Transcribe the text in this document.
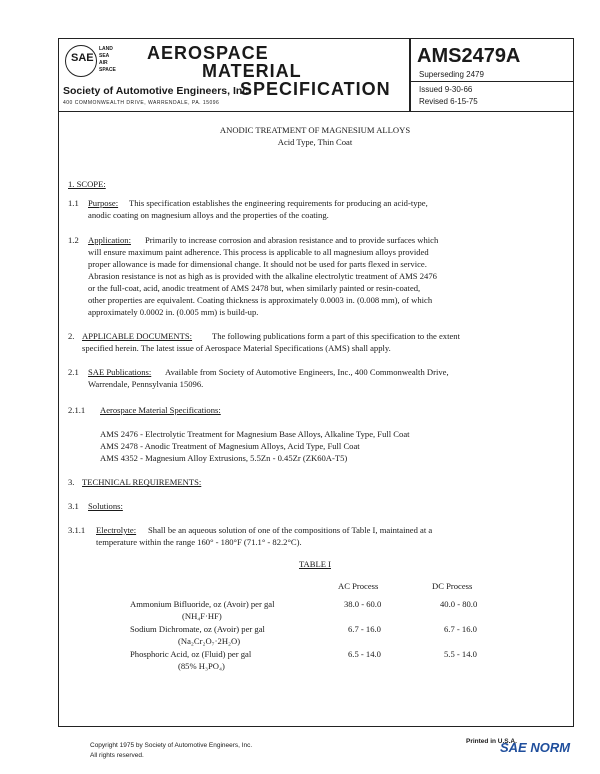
SAE
LAND
SEA
AIR
SPACE
AEROSPACE
MATERIAL
SPECIFICATION
Society of Automotive Engineers, Inc.
400 COMMONWEALTH DRIVE, WARRENDALE, PA. 15096
AMS2479A
Superseding 2479
Issued 9-30-66
Revised 6-15-75
ANODIC TREATMENT OF MAGNESIUM ALLOYS
Acid Type, Thin Coat
1. SCOPE:
1.1 Purpose: This specification establishes the engineering requirements for producing an acid-type,
anodic coating on magnesium alloys and the properties of the coating.
1.2 Application: Primarily to increase corrosion and abrasion resistance and to provide surfaces which
will ensure maximum paint adherence. This process is applicable to all magnesium alloys provided
proper allowance is made for dimensional change. It should not be used for parts flexed in service.
Abrasion resistance is not as high as is provided with the alkaline electrolytic treatment of AMS 2476
or the full-coat, acid, anodic treatment of AMS 2478 but, when similarly painted or resin-coated,
other properties are equivalent. Coating thickness is approximately 0.0003 in. (0.008 mm), of which
approximately 0.0002 in. (0.005 mm) is build-up.
2. APPLICABLE DOCUMENTS: The following publications form a part of this specification to the extent
specified herein. The latest issue of Aerospace Material Specifications (AMS) shall apply.
2.1 SAE Publications: Available from Society of Automotive Engineers, Inc., 400 Commonwealth Drive,
Warrendale, Pennsylvania 15096.
2.1.1 Aerospace Material Specifications:
AMS 2476 - Electrolytic Treatment for Magnesium Base Alloys, Alkaline Type, Full Coat
AMS 2478 - Anodic Treatment of Magnesium Alloys, Acid Type, Full Coat
AMS 4352 - Magnesium Alloy Extrusions, 5.5Zn - 0.45Zr (ZK60A-T5)
3. TECHNICAL REQUIREMENTS:
3.1 Solutions:
3.1.1 Electrolyte: Shall be an aqueous solution of one of the compositions of Table I, maintained at a
temperature within the range 160° - 180°F (71.1° - 82.2°C).
TABLE I
AC Process	DC Process
Ammonium Bifluoride, oz (Avoir) per gal
(NH₄F·HF)
38.0 - 60.0	40.0 - 80.0
Sodium Dichromate, oz (Avoir) per gal
(Na₂Cr₂O₇·2H₂O)
6.7 - 16.0	6.7 - 16.0
Phosphoric Acid, oz (Fluid) per gal
(85% H₃PO₄)
6.5 - 14.0	5.5 - 14.0
Copyright 1975 by Society of Automotive Engineers, Inc.
All rights reserved.
Printed in U.S.A.
SAE NORM
